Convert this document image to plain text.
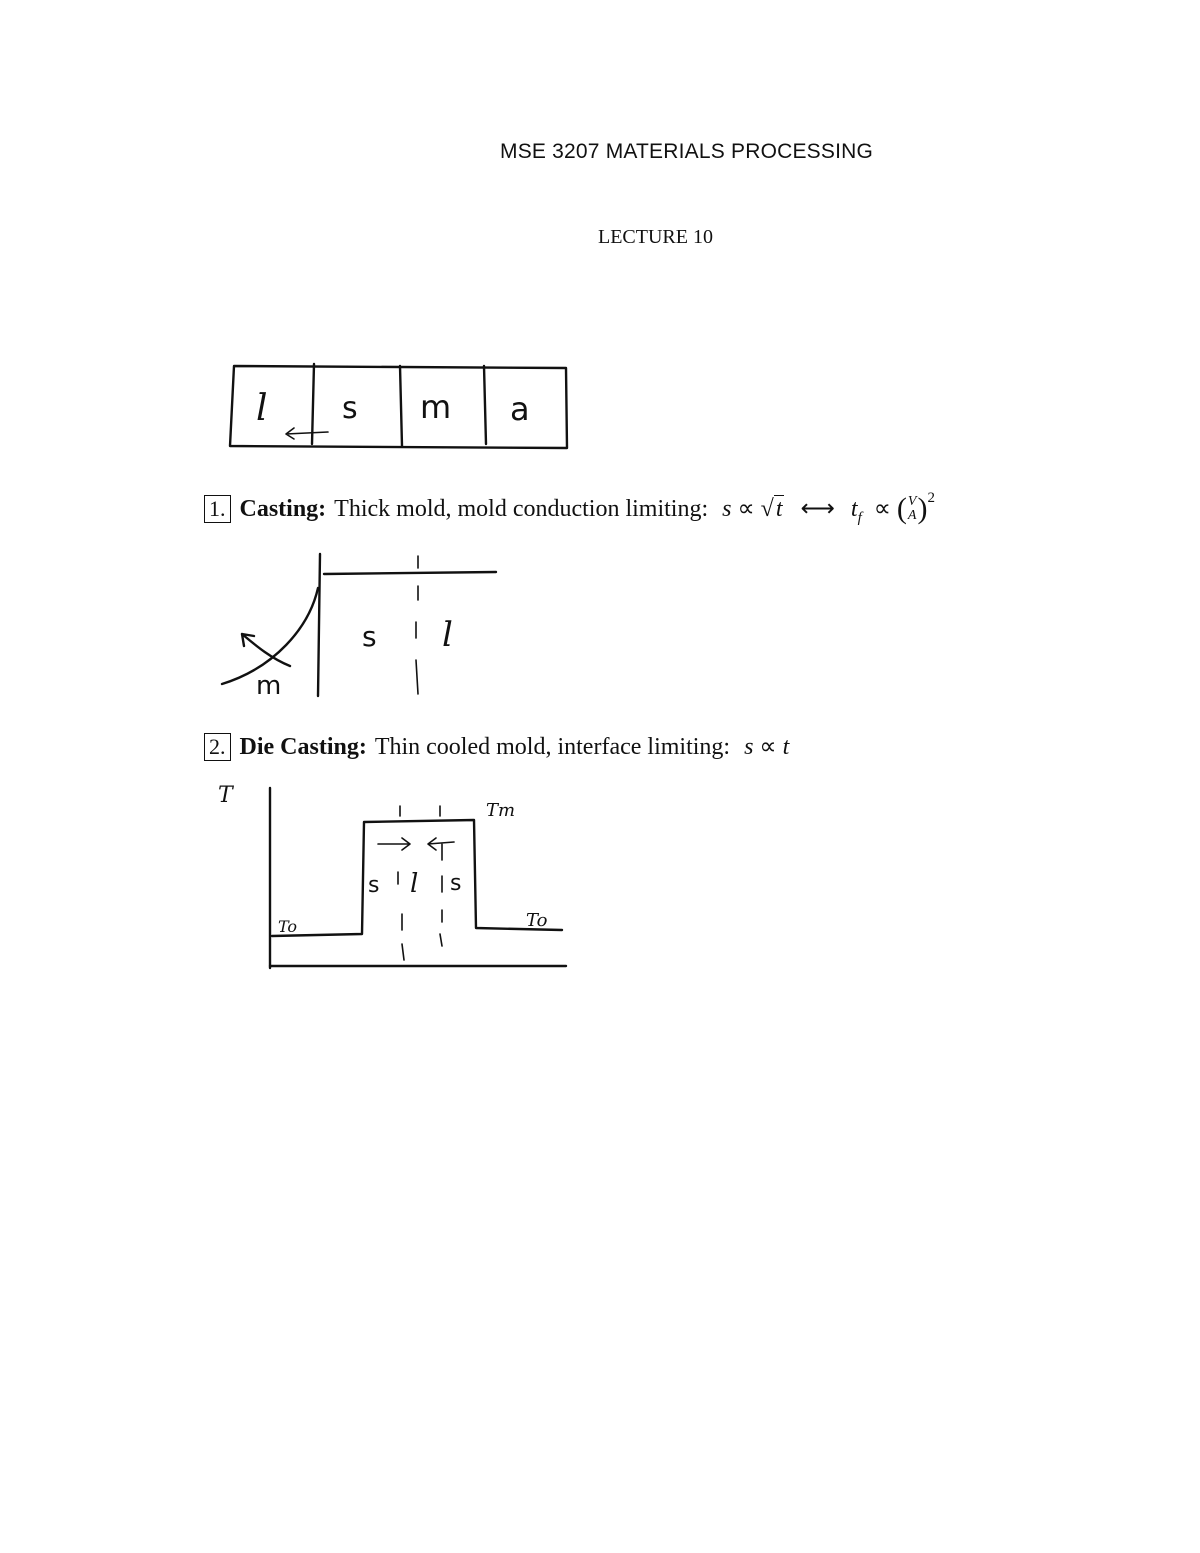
MSE 3207 MATERIALS PROCESSING
LECTURE 10
l s m a
1. Casting: Thick mold, mold conduction limiting: s ∝ √t ⟷ $t_f$ ∝ ( V
A ) $^2$
m
s l
2. Die Casting: Thin cooled mold, interface limiting: s ∝ t
T
Tm
To	To
s l s
